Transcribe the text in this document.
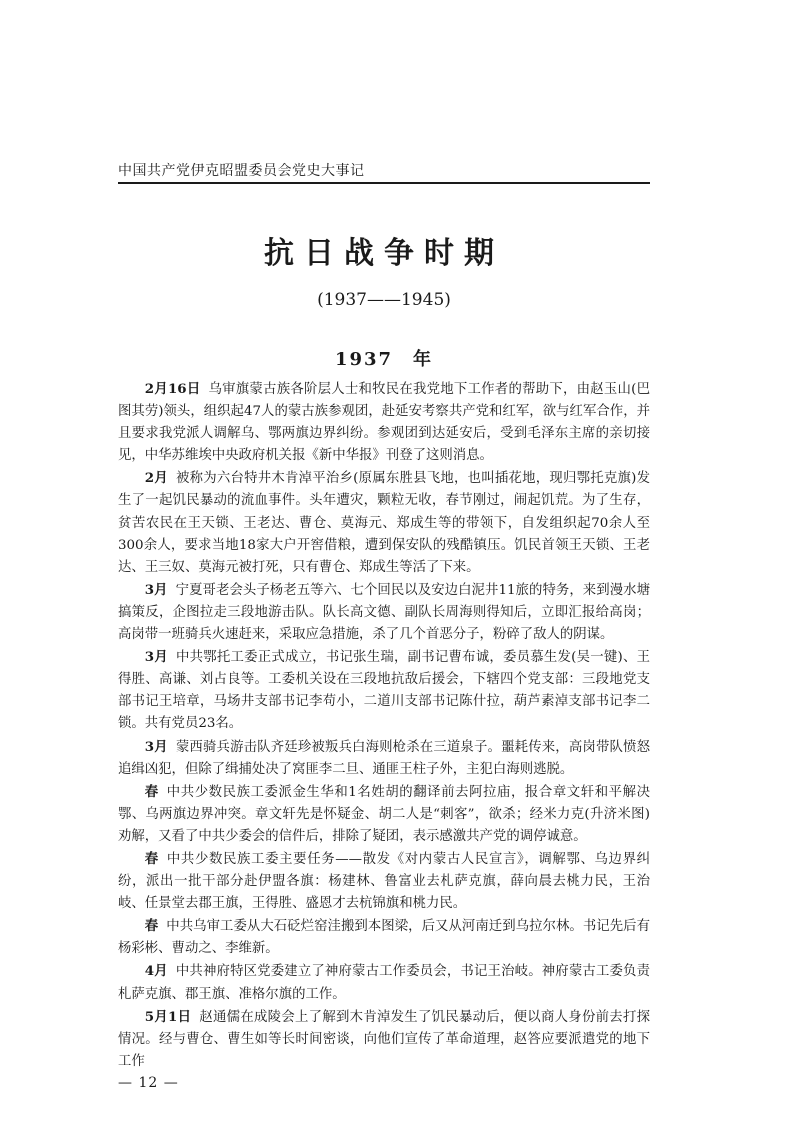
中国共产党伊克昭盟委员会党史大事记
抗日战争时期
(1937——1945)
1937　年

2月16日 乌审旗蒙古族各阶层人士和牧民在我党地下工作者的帮助下，由赵玉山(巴图其劳)领头，组织起47人的蒙古族参观团，赴延安考察共产党和红军，欲与红军合作，并且要求我党派人调解乌、鄂两旗边界纠纷。参观团到达延安后，受到毛泽东主席的亲切接见，中华苏维埃中央政府机关报《新中华报》刊登了这则消息。

2月 被称为六台特井木肯淖平治乡(原属东胜县飞地，也叫插花地，现归鄂托克旗)发生了一起饥民暴动的流血事件。头年遭灾，颗粒无收，春节刚过，闹起饥荒。为了生存，贫苦农民在王天锁、王老达、曹仓、莫海元、郑成生等的带领下，自发组织起70余人至300余人，要求当地18家大户开窖借粮，遭到保安队的残酷镇压。饥民首领王天锁、王老达、王三奴、莫海元被打死，只有曹仓、郑成生等活了下来。

3月 宁夏哥老会头子杨老五等六、七个回民以及安边白泥井11旅的特务，来到漫水塘搞策反，企图拉走三段地游击队。队长高文德、副队长周海则得知后，立即汇报给高岗；高岗带一班骑兵火速赶来，采取应急措施，杀了几个首恶分子，粉碎了敌人的阴谋。

3月 中共鄂托工委正式成立，书记张生瑞，副书记曹布诚，委员慕生发(吴一键)、王得胜、高谦、刘占良等。工委机关设在三段地抗敌后援会，下辖四个党支部：三段地党支部书记王培章，马场井支部书记李苟小，二道川支部书记陈什拉，葫芦素淖支部书记李二锁。共有党员23名。

3月 蒙西骑兵游击队齐廷珍被叛兵白海则枪杀在三道泉子。噩耗传来，高岗带队愤怒追缉凶犯，但除了缉捕处决了窝匪李二旦、通匪王柱子外，主犯白海则逃脱。

春 中共少数民族工委派金生华和1名姓胡的翻译前去阿拉庙，报合章文轩和平解决鄂、乌两旗边界冲突。章文轩先是怀疑金、胡二人是“刺客”，欲杀；经米力克(升济米图)劝解，又看了中共少委会的信件后，排除了疑团，表示感激共产党的调停诚意。

春 中共少数民族工委主要任务——散发《对内蒙古人民宣言》，调解鄂、乌边界纠纷，派出一批干部分赴伊盟各旗：杨建林、鲁富业去札萨克旗，薛向晨去桃力民，王治岐、任景堂去郡王旗，王得胜、盛恩才去杭锦旗和桃力民。

春 中共乌审工委从大石砭烂窑洼搬到本图梁，后又从河南迁到乌拉尔林。书记先后有杨彩彬、曹动之、李维新。

4月 中共神府特区党委建立了神府蒙古工作委员会，书记王治岐。神府蒙古工委负责札萨克旗、郡王旗、准格尔旗的工作。

5月1日 赵通儒在成陵会上了解到木肯淖发生了饥民暴动后，便以商人身份前去打探情况。经与曹仓、曹生如等长时间密谈，向他们宣传了革命道理，赵答应要派遣党的地下工作

— 12 —
